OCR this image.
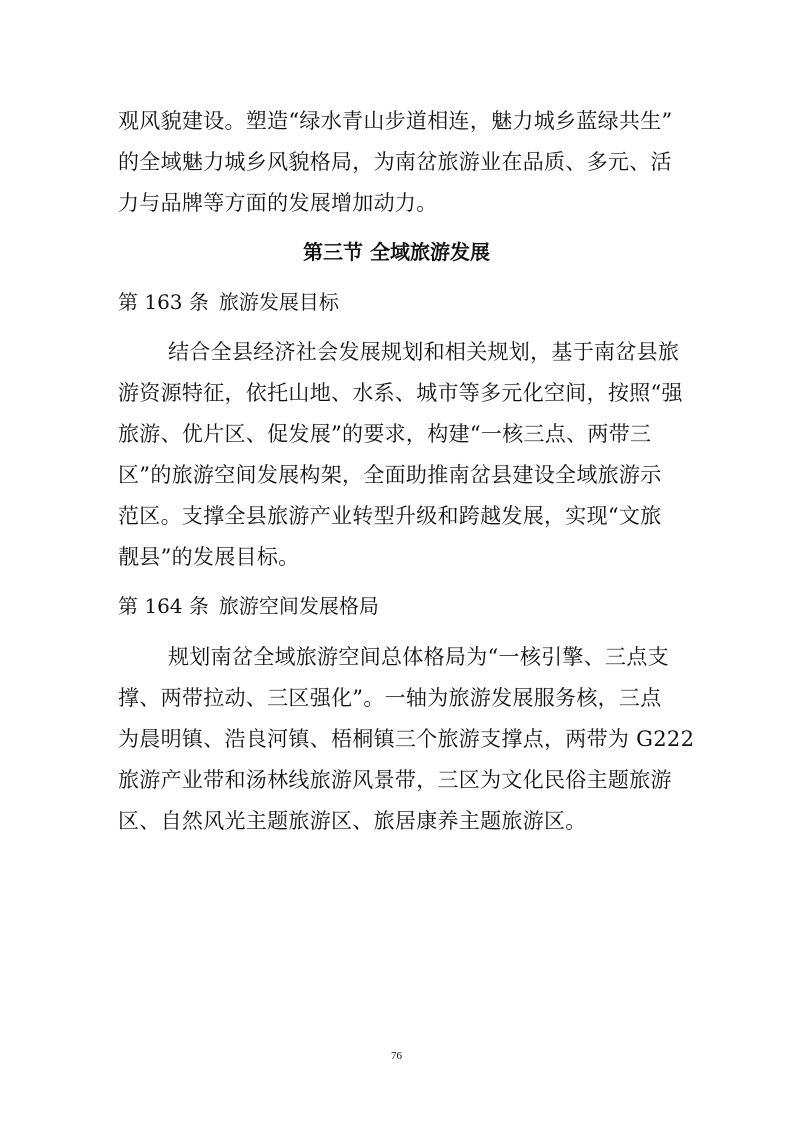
观风貌建设。塑造“绿水青山步道相连，魅力城乡蓝绿共生”
的全域魅力城乡风貌格局，为南岔旅游业在品质、多元、活
力与品牌等方面的发展增加动力。
第三节 全域旅游发展
第 163 条 旅游发展目标
结合全县经济社会发展规划和相关规划，基于南岔县旅
游资源特征，依托山地、水系、城市等多元化空间，按照“强
旅游、优片区、促发展”的要求，构建“一核三点、两带三
区”的旅游空间发展构架，全面助推南岔县建设全域旅游示
范区。支撑全县旅游产业转型升级和跨越发展，实现“文旅
靓县”的发展目标。
第 164 条 旅游空间发展格局
规划南岔全域旅游空间总体格局为“一核引擎、三点支
撑、两带拉动、三区强化”。一轴为旅游发展服务核，三点
为晨明镇、浩良河镇、梧桐镇三个旅游支撑点，两带为 G222
旅游产业带和汤林线旅游风景带，三区为文化民俗主题旅游
区、自然风光主题旅游区、旅居康养主题旅游区。
76
